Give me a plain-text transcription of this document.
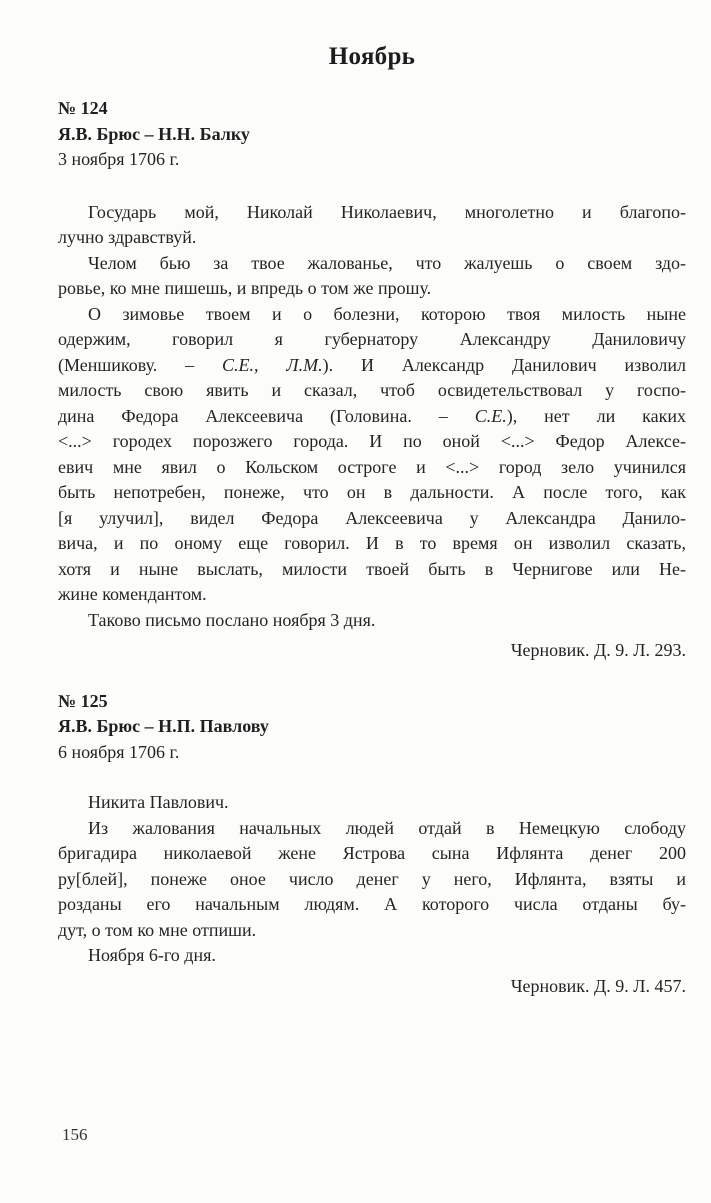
Ноябрь
№ 124
Я.В. Брюс – Н.Н. Балку
3 ноября 1706 г.
Государь мой, Николай Николаевич, многолетно и благопо-
лучно здравствуй.
Челом бью за твое жалованье, что жалуешь о своем здо-
ровье, ко мне пишешь, и впредь о том же прошу.
О зимовье твоем и о болезни, которою твоя милость ныне
одержим, говорил я губернатору Александру Даниловичу
(Меншикову. – С.Е., Л.М.). И Александр Данилович изволил
милость свою явить и сказал, чтоб освидетельствовал у госпо-
дина Федора Алексеевича (Головина. – С.Е.), нет ли каких
<...> городех порозжего города. И по оной <...> Федор Алексе-
евич мне явил о Кольском остроге и <...> город зело учинился
быть непотребен, понеже, что он в дальности. А после того, как
[я улучил], видел Федора Алексеевича у Александра Данило-
вича, и по оному еще говорил. И в то время он изволил сказать,
хотя и ныне выслать, милости твоей быть в Чернигове или Не-
жине комендантом.
Таково письмо послано ноября 3 дня.
Черновик. Д. 9. Л. 293.
№ 125
Я.В. Брюс – Н.П. Павлову
6 ноября 1706 г.
Никита Павлович.
Из жалования начальных людей отдай в Немецкую слободу
бригадира николаевой жене Ястрова сына Ифлянта денег 200
ру[блей], понеже оное число денег у него, Ифлянта, взяты и
розданы его начальным людям. А которого числа отданы бу-
дут, о том ко мне отпиши.
Ноября 6-го дня.
Черновик. Д. 9. Л. 457.
156
